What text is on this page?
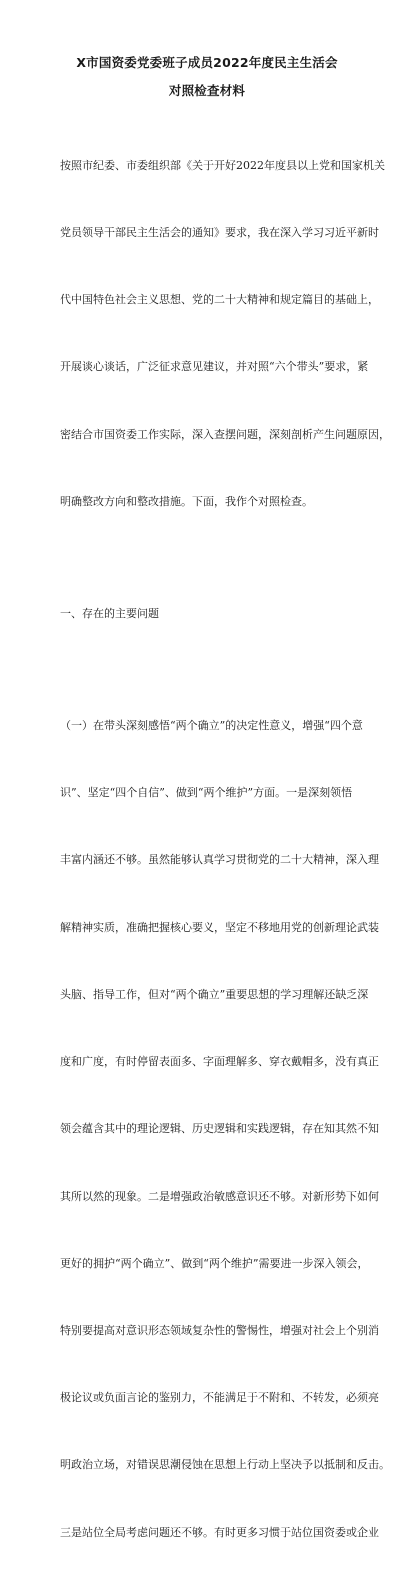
X市国资委党委班子成员2022年度民主生活会
对照检查材料

按照市纪委、市委组织部《关于开好2022年度县以上党和国家机关

党员领导干部民主生活会的通知》要求，我在深入学习习近平新时

代中国特色社会主义思想、党的二十大精神和规定篇目的基础上，

开展谈心谈话，广泛征求意见建议，并对照“六个带头”要求，紧

密结合市国资委工作实际，深入查摆问题，深刻剖析产生问题原因，

明确整改方向和整改措施。下面，我作个对照检查。

一、存在的主要问题

（一）在带头深刻感悟“两个确立”的决定性意义，增强“四个意

识”、坚定“四个自信”、做到“两个维护”方面。一是深刻领悟

丰富内涵还不够。虽然能够认真学习贯彻党的二十大精神，深入理

解精神实质，准确把握核心要义，坚定不移地用党的创新理论武装

头脑、指导工作，但对“两个确立”重要思想的学习理解还缺乏深

度和广度，有时停留表面多、字面理解多、穿衣戴帽多，没有真正

领会蕴含其中的理论逻辑、历史逻辑和实践逻辑，存在知其然不知

其所以然的现象。二是增强政治敏感意识还不够。对新形势下如何

更好的拥护“两个确立”、做到“两个维护”需要进一步深入领会，

特别要提高对意识形态领域复杂性的警惕性，增强对社会上个别消

极论议或负面言论的鉴别力，不能满足于不附和、不转发，必须亮

明政治立场，对错误思潮侵蚀在思想上行动上坚决予以抵制和反击。

三是站位全局考虑问题还不够。有时更多习惯于站位国资委或企业
